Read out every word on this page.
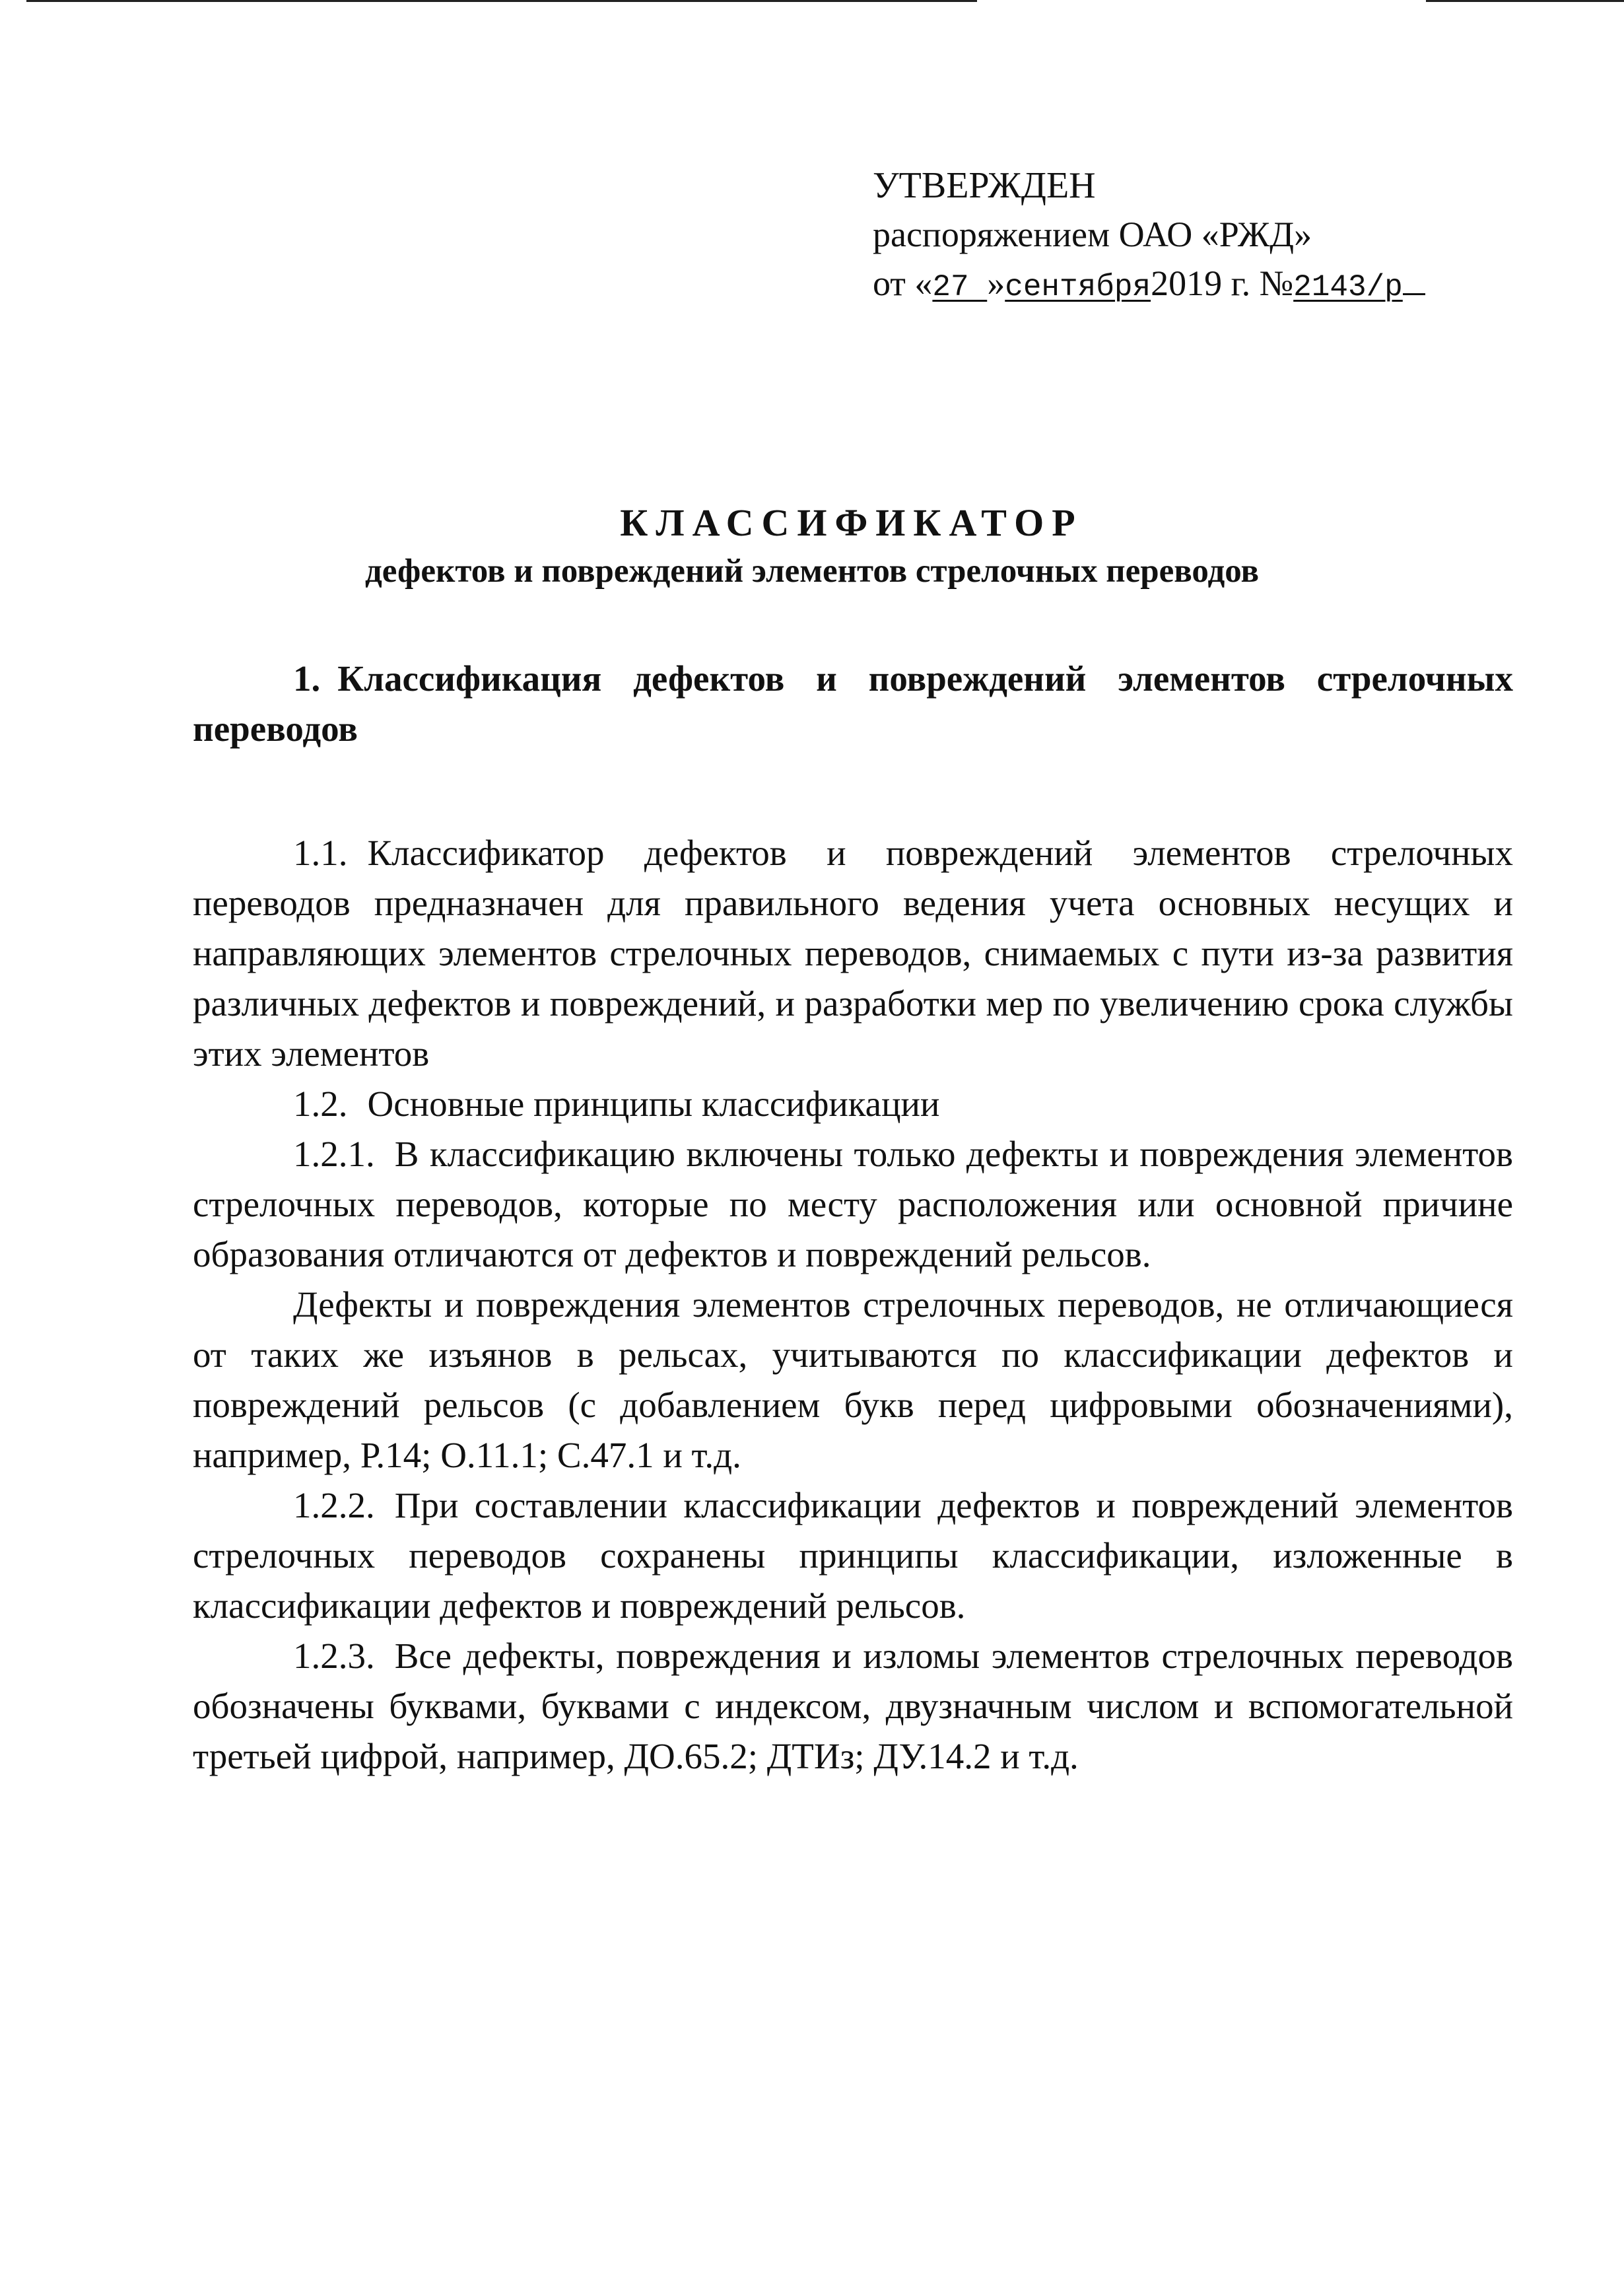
УТВЕРЖДЕН
распоряжением ОАО «РЖД»
от «27 »сентября2019 г. №2143/р
КЛАССИФИКАТОР
дефектов и повреждений элементов стрелочных переводов

1. Классификация дефектов и повреждений элементов стрелочных переводов

1.1. Классификатор дефектов и повреждений элементов стрелочных переводов предназначен для правильного ведения учета основных несущих и направляющих элементов стрелочных переводов, снимаемых с пути из-за развития различных дефектов и повреждений, и разработки мер по увеличению срока службы этих элементов

1.2. Основные принципы классификации

1.2.1. В классификацию включены только дефекты и повреждения элементов стрелочных переводов, которые по месту расположения или основной причине образования отличаются от дефектов и повреждений рельсов.

Дефекты и повреждения элементов стрелочных переводов, не отличающиеся от таких же изъянов в рельсах, учитываются по классификации дефектов и повреждений рельсов (с добавлением букв перед цифровыми обозначениями), например, Р.14; О.11.1; С.47.1 и т.д.

1.2.2. При составлении классификации дефектов и повреждений элементов стрелочных переводов сохранены принципы классификации, изложенные в классификации дефектов и повреждений рельсов.

1.2.3. Все дефекты, повреждения и изломы элементов стрелочных переводов обозначены буквами, буквами с индексом, двузначным числом и вспомогательной третьей цифрой, например, ДО.65.2; ДТИз; ДУ.14.2 и т.д.
